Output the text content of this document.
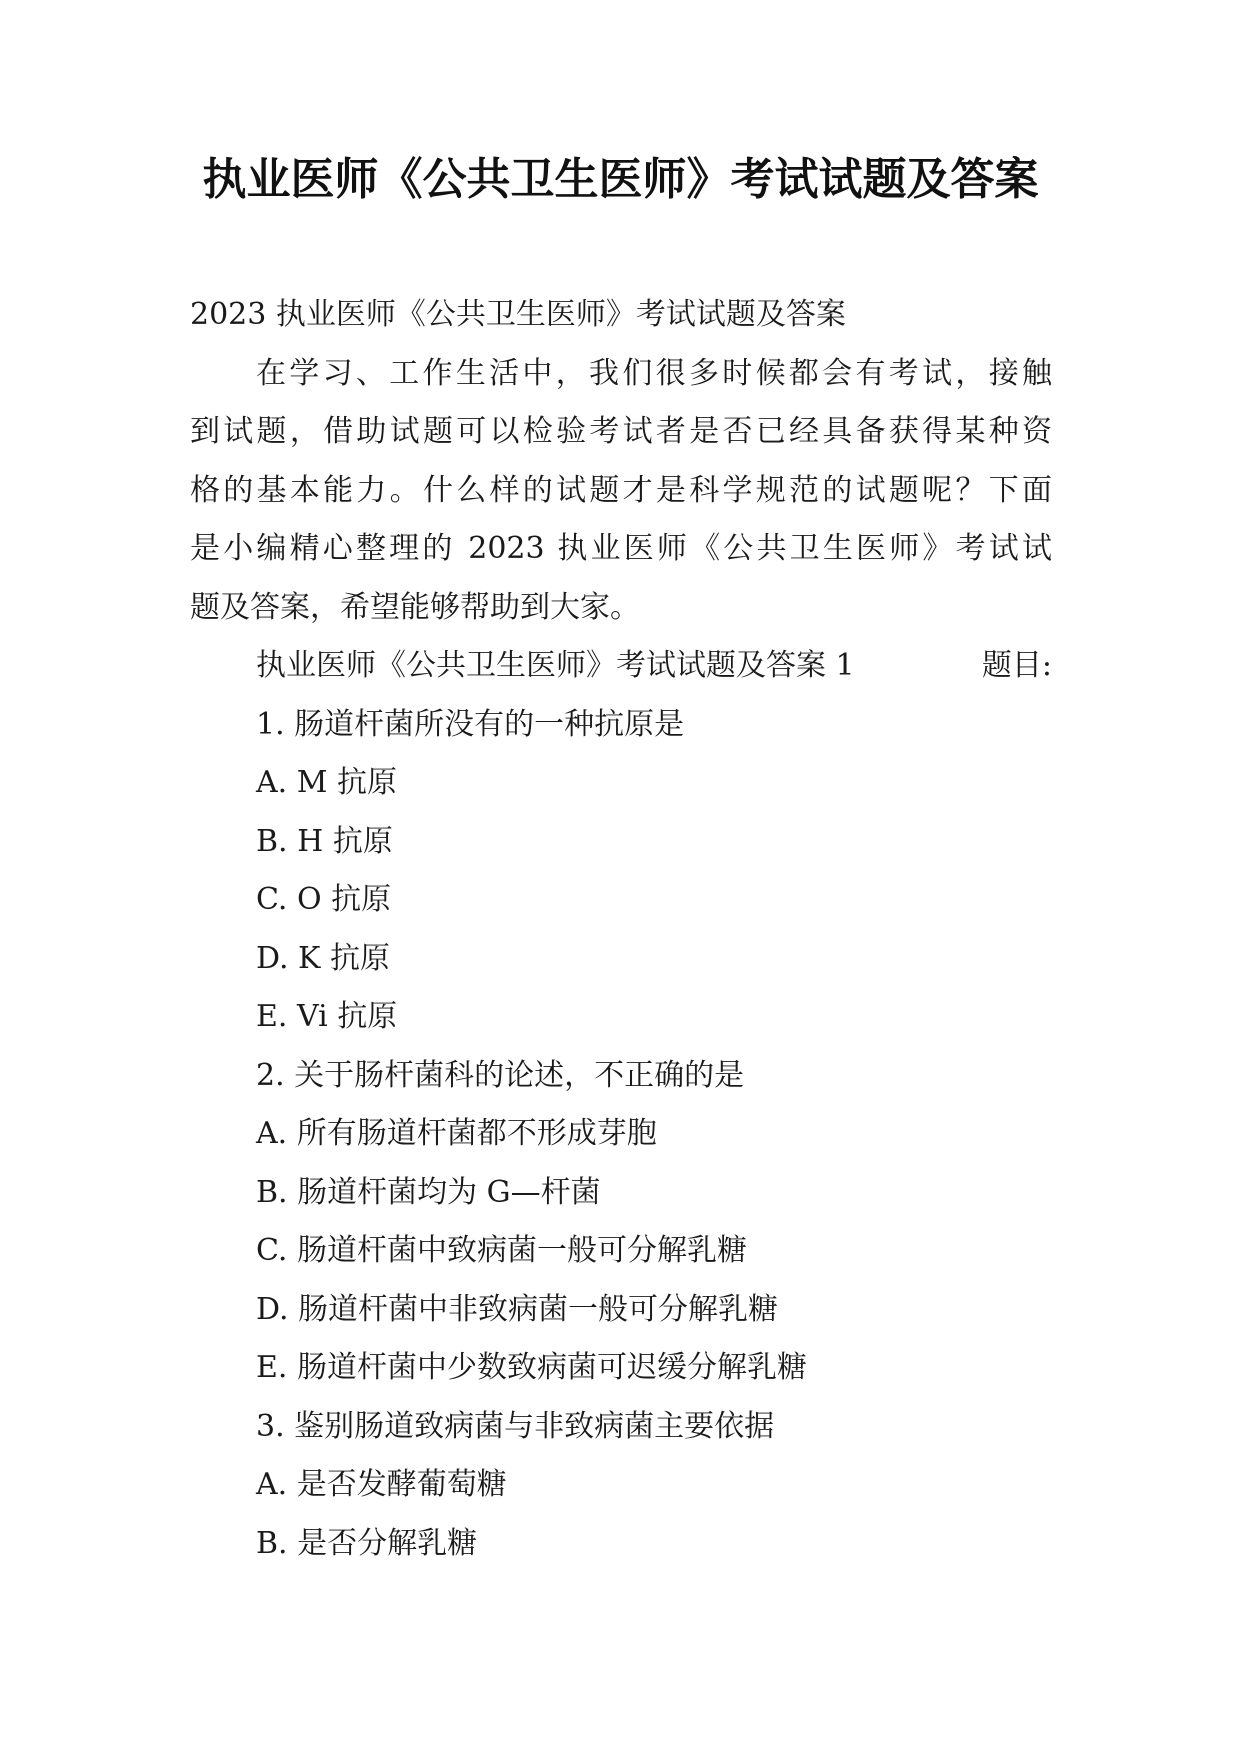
执业医师《公共卫生医师》考试试题及答案
2023 执业医师《公共卫生医师》考试试题及答案
在学习、工作生活中，我们很多时候都会有考试，接触
到试题，借助试题可以检验考试者是否已经具备获得某种资
格的基本能力。什么样的试题才是科学规范的试题呢？下面
是小编精心整理的 2023 执业医师《公共卫生医师》考试试
题及答案，希望能够帮助到大家。
执业医师《公共卫生医师》考试试题及答案 1	题目:
1. 肠道杆菌所没有的一种抗原是
A. M 抗原
B. H 抗原
C. O 抗原
D. K 抗原
E. Vi 抗原
2. 关于肠杆菌科的论述，不正确的是
A. 所有肠道杆菌都不形成芽胞
B. 肠道杆菌均为 G—杆菌
C. 肠道杆菌中致病菌一般可分解乳糖
D. 肠道杆菌中非致病菌一般可分解乳糖
E. 肠道杆菌中少数致病菌可迟缓分解乳糖
3. 鉴别肠道致病菌与非致病菌主要依据
A. 是否发酵葡萄糖
B. 是否分解乳糖
